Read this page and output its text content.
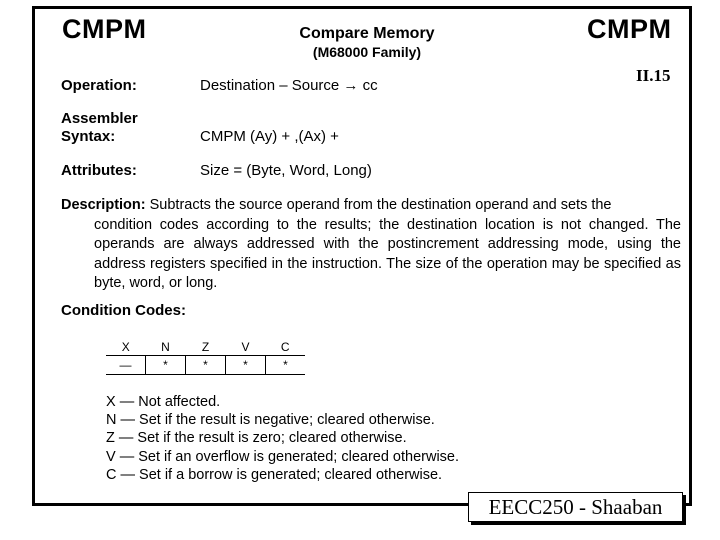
CMPM	Compare Memory
(M68000 Family)
CMPM
II.15
Operation:	Destination – Source → cc
Assembler
Syntax:	CMPM (Ay) + ,(Ax) +
Attributes:	Size = (Byte, Word, Long)
Description: Subtracts the source operand from the destination operand and sets the
condition codes according to the results; the destination location is not changed. The operands are always addressed with the postincrement addressing mode, using the address registers specified in the instruction. The size of the operation may be specified as byte, word, or long.
Condition Codes:
X	N	Z	V	C
—	*	*	*	*
X — Not affected.
N — Set if the result is negative; cleared otherwise.
Z — Set if the result is zero; cleared otherwise.
V — Set if an overflow is generated; cleared otherwise.
C — Set if a borrow is generated; cleared otherwise.
EECC250 - Shaaban
